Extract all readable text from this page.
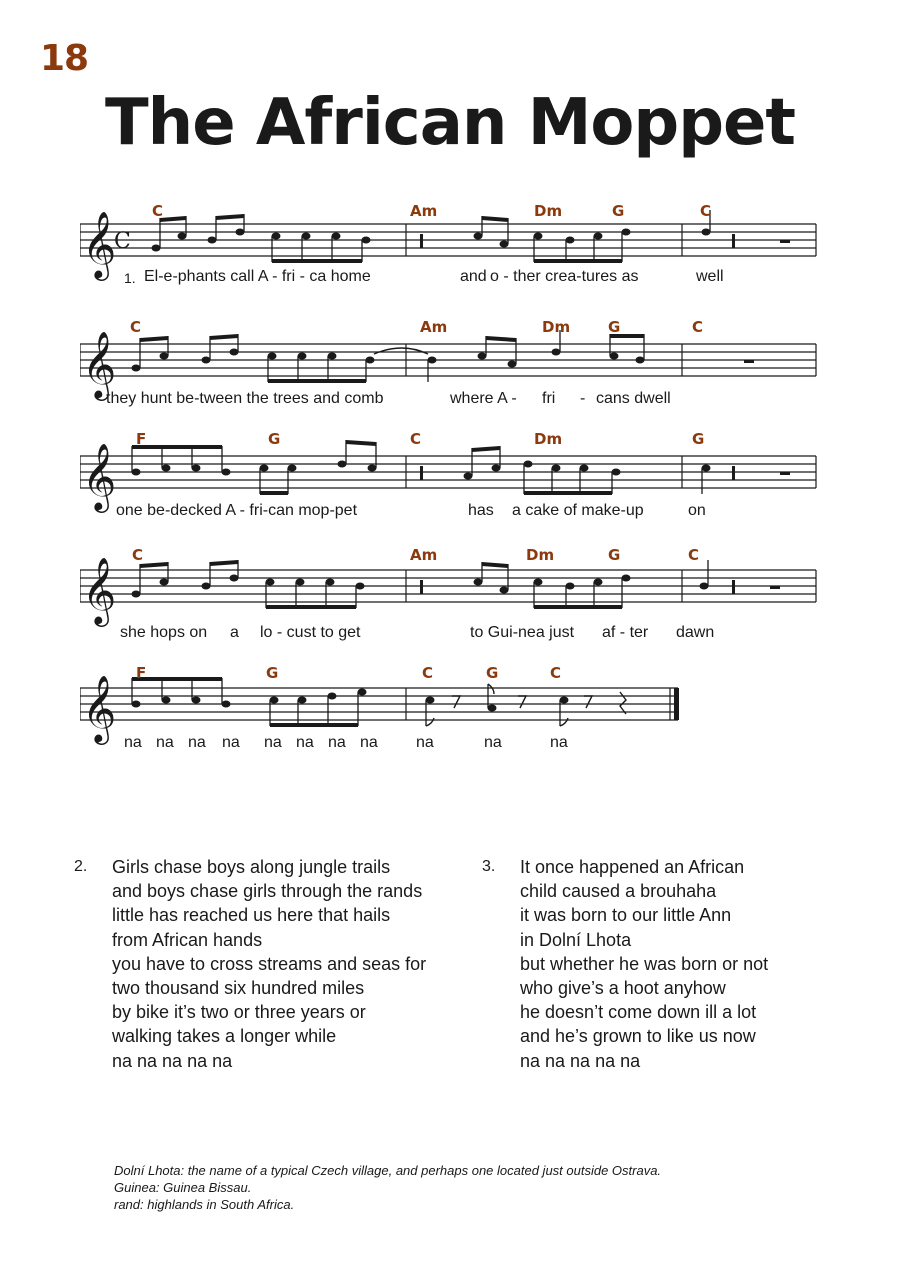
18
The African Moppet
𝄞
C
C	Am	Dm	G	C
1. El-e-phants call A - fri - ca home	and o - ther crea-tures as	well
𝄞
C	Am	Dm	G	C
they hunt be-tween the trees and comb	where A - fri - cans dwell
𝄞
F	G	C	Dm	G
one be-decked A - fri-can mop-pet	has a cake of make-up	on
𝄞
C	Am	Dm	G	C
she hops on a lo - cust to get	to Gui-nea just af - ter dawn
𝄞
F	G	C	G	C
na na na na na na na na na	na	na
2. Girls chase boys along jungle trails
and boys chase girls through the rands
little has reached us here that hails
from African hands
you have to cross streams and seas for
two thousand six hundred miles
by bike it’s two or three years or
walking takes a longer while
na na na na na
3. It once happened an African
child caused a brouhaha
it was born to our little Ann
in Dolní Lhota
but whether he was born or not
who give’s a hoot anyhow
he doesn’t come down ill a lot
and he’s grown to like us now
na na na na na
Dolní Lhota: the name of a typical Czech village, and perhaps one located just outside Ostrava.
Guinea: Guinea Bissau.
rand: highlands in South Africa.
